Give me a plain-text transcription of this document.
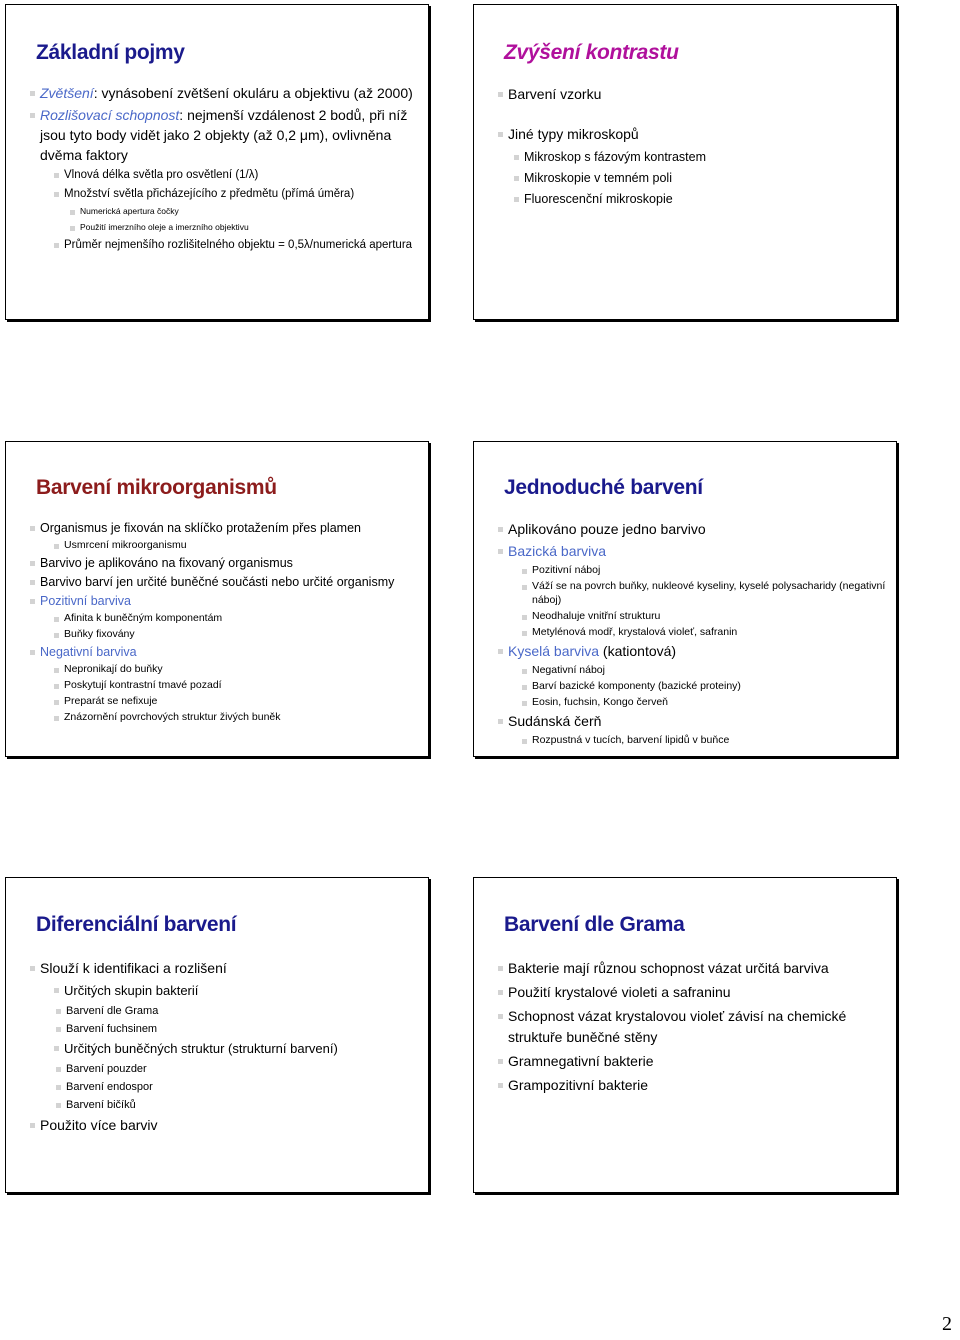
Základní pojmy
Zvětšení: vynásobení zvětšení okuláru a objektivu (až 2000)
Rozlišovací schopnost: nejmenší vzdálenost 2 bodů, při níž jsou tyto body vidět jako 2 objekty (až 0,2 μm), ovlivněna dvěma faktory
Vlnová délka světla pro osvětlení (1/λ)
Množství světla přicházejícího z předmětu (přímá úměra)
Numerická apertura čočky
Použití imerzního oleje a imerzního objektivu
Průměr nejmenšího rozlišitelného objektu = 0,5λ/numerická apertura
Zvýšení kontrastu
Barvení vzorku
Jiné typy mikroskopů
Mikroskop s fázovým kontrastem
Mikroskopie v temném poli
Fluorescenční mikroskopie
Barvení mikroorganismů
Organismus je fixován na sklíčko protažením přes plamen
Usmrcení mikroorganismu
Barvivo je aplikováno na fixovaný organismus
Barvivo barví jen určité buněčné součásti nebo určité organismy
Pozitivní barviva
Afinita k buněčným komponentám
Buňky fixovány
Negativní barviva
Nepronikají do buňky
Poskytují kontrastní tmavé pozadí
Preparát se nefixuje
Znázornění povrchových struktur živých buněk
Jednoduché barvení
Aplikováno pouze jedno barvivo
Bazická barviva
Pozitivní náboj
Váží se na povrch buňky, nukleové kyseliny, kyselé polysacharidy (negativní náboj)
Neodhaluje vnitřní strukturu
Metylénová modř, krystalová violeť, safranin
Kyselá barviva (kationtová)
Negativní náboj
Barví bazické komponenty (bazické proteiny)
Eosin, fuchsin, Kongo červeň
Sudánská čerň
Rozpustná v tucích, barvení lipidů v buňce
Diferenciální barvení
Slouží k identifikaci a rozlišení
Určitých skupin bakterií
Barvení dle Grama
Barvení fuchsinem
Určitých buněčných struktur (strukturní barvení)
Barvení pouzder
Barvení endospor
Barvení bičíků
Použito více barviv
Barvení dle Grama
Bakterie mají různou schopnost vázat určitá barviva
Použití krystalové violeti a safraninu
Schopnost vázat krystalovou violeť závisí na chemické struktuře buněčné stěny
Gramnegativní bakterie
Grampozitivní bakterie
2
